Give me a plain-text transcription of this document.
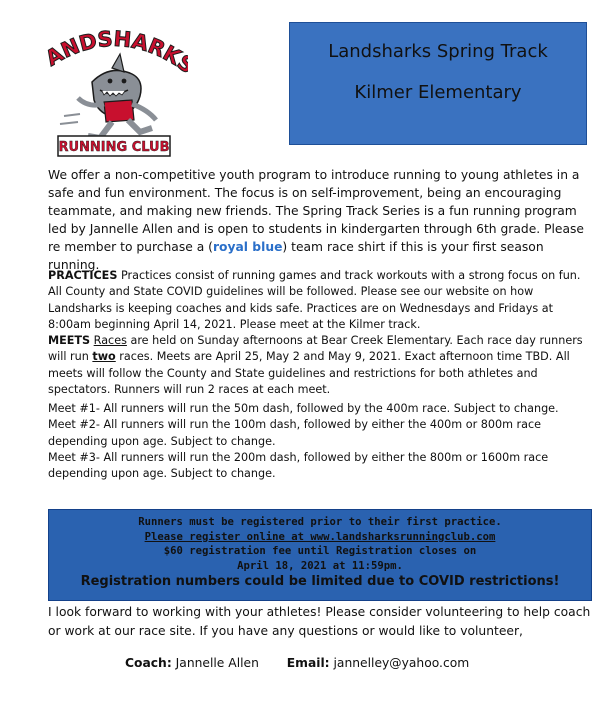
ANDSHARK
RUNNING CLUB
Landsharks Spring Track
Kilmer Elementary

We offer a non-competitive youth program to introduce running to young athletes in a safe and fun environment. The focus is on self-improvement, being an encouraging teammate, and making new friends. The Spring Track Series is a fun running program led by Jannelle Allen and is open to students in kindergarten through 6th grade. Please re member to purchase a (royal blue) team race shirt if this is your first season running.

PRACTICES Practices consist of running games and track workouts with a strong focus on fun. All County and State COVID guidelines will be followed. Please see our website on how Landsharks is keeping coaches and kids safe. Practices are on Wednesdays and Fridays at 8:00am beginning April 14, 2021. Please meet at the Kilmer track.

MEETS Races are held on Sunday afternoons at Bear Creek Elementary. Each race day runners will run two races. Meets are April 25, May 2 and May 9, 2021. Exact afternoon time TBD. All meets will follow the County and State guidelines and restrictions for both athletes and spectators. Runners will run 2 races at each meet.

Meet #1- All runners will run the 50m dash, followed by the 400m race. Subject to change.
Meet #2- All runners will run the 100m dash, followed by either the 400m or 800m race depending upon age. Subject to change.
Meet #3- All runners will run the 200m dash, followed by either the 800m or 1600m race depending upon age. Subject to change.
Runners must be registered prior to their first practice.
Please register online at www.landsharksrunningclub.com
$60 registration fee until Registration closes on
April 18, 2021 at 11:59pm.
Registration numbers could be limited due to COVID restrictions!

I look forward to working with your athletes! Please consider volunteering to help coach or work at our race site. If you have any questions or would like to volunteer,

Coach: Jannelle Allen Email: jannelley@yahoo.com
